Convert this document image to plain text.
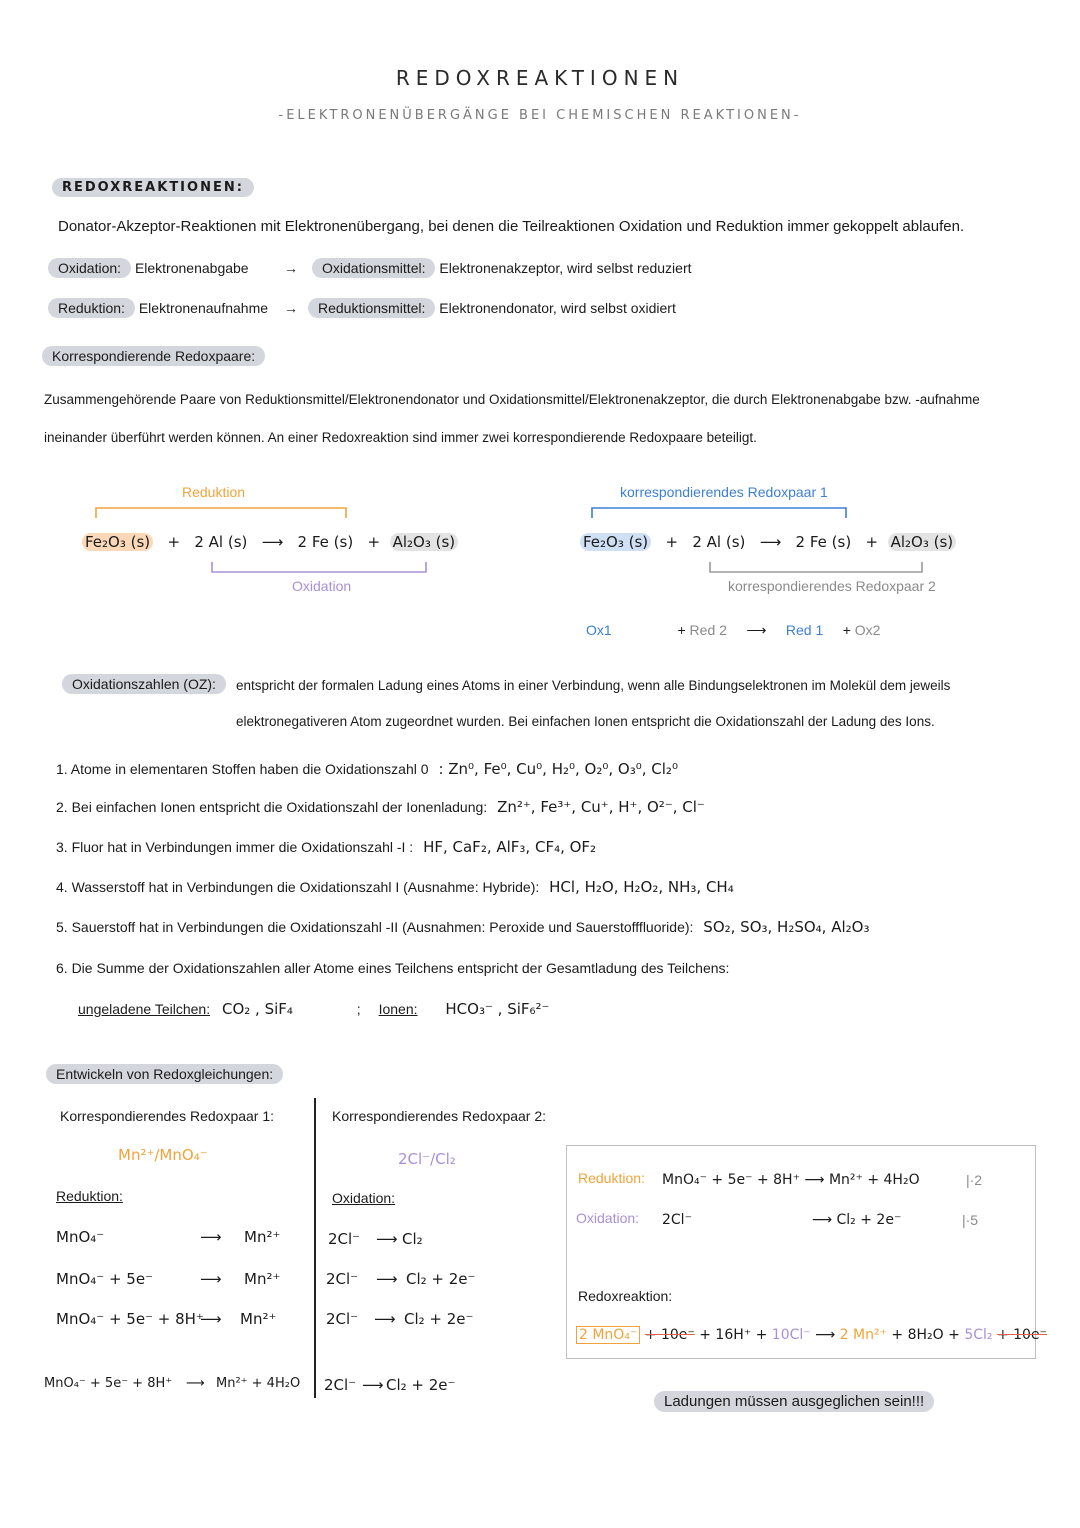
REDOXREAKTIONEN
-ELEKTRONENÜBERGÄNGE BEI CHEMISCHEN REAKTIONEN-
REDOXREAKTIONEN:
Donator-Akzeptor-Reaktionen mit Elektronenübergang, bei denen die Teilreaktionen Oxidation und Reduktion immer gekoppelt ablaufen.
Oxidation: Elektronenabgabe	→	Oxidationsmittel: Elektronenakzeptor, wird selbst reduziert
Reduktion: Elektronenaufnahme →	Reduktionsmittel: Elektronendonator, wird selbst oxidiert
Korrespondierende Redoxpaare:
Zusammengehörende Paare von Reduktionsmittel/Elektronendonator und Oxidationsmittel/Elektronenakzeptor, die durch Elektronenabgabe bzw. -aufnahme
ineinander überführt werden können. An einer Redoxreaktion sind immer zwei korrespondierende Redoxpaare beteiligt.
Reduktion
Fe₂O₃ (s) + 2 Al (s) ⟶ 2 Fe (s) + Al₂O₃ (s)
Oxidation
korrespondierendes Redoxpaar 1
Fe₂O₃ (s) + 2 Al (s) ⟶ 2 Fe (s) + Al₂O₃ (s)
korrespondierendes Redoxpaar 2
Ox1	+ Red 2 ⟶ Red 1 + Ox2
Oxidationszahlen (OZ):	entspricht der formalen Ladung eines Atoms in einer Verbindung, wenn alle Bindungselektronen im Molekül dem jeweils
elektronegativeren Atom zugeordnet wurden. Bei einfachen Ionen entspricht die Oxidationszahl der Ladung des Ions.
1. Atome in elementaren Stoffen haben die Oxidationszahl 0 : Zn⁰, Fe⁰, Cu⁰, H₂⁰, O₂⁰, O₃⁰, Cl₂⁰
2. Bei einfachen Ionen entspricht die Oxidationszahl der Ionenladung: Zn²⁺, Fe³⁺, Cu⁺, H⁺, O²⁻, Cl⁻
3. Fluor hat in Verbindungen immer die Oxidationszahl -I : HF, CaF₂, AlF₃, CF₄, OF₂
4. Wasserstoff hat in Verbindungen die Oxidationszahl I (Ausnahme: Hybride): HCl, H₂O, H₂O₂, NH₃, CH₄
5. Sauerstoff hat in Verbindungen die Oxidationszahl -II (Ausnahmen: Peroxide und Sauerstofffluoride): SO₂, SO₃, H₂SO₄, Al₂O₃
6. Die Summe der Oxidationszahlen aller Atome eines Teilchens entspricht der Gesamtladung des Teilchens:
ungeladene Teilchen: CO₂ , SiF₄	; Ionen: HCO₃⁻ , SiF₆²⁻
Entwickeln von Redoxgleichungen:
Korrespondierendes Redoxpaar 1:
Mn²⁺/MnO₄⁻
Reduktion:
MnO₄⁻	⟶ Mn²⁺
MnO₄⁻ + 5e⁻	⟶ Mn²⁺
MnO₄⁻ + 5e⁻ + 8H⁺
⟶ Mn²⁺
MnO₄⁻ + 5e⁻ + 8H⁺ ⟶ Mn²⁺ + 4H₂O
Korrespondierendes Redoxpaar 2:
2Cl⁻/Cl₂
Oxidation:
2Cl⁻ ⟶ Cl₂
2Cl⁻ ⟶ Cl₂ + 2e⁻
2Cl⁻ ⟶ Cl₂ + 2e⁻
2Cl⁻ ⟶ Cl₂ + 2e⁻
Reduktion: MnO₄⁻ + 5e⁻ + 8H⁺ ⟶ Mn²⁺ + 4H₂O	|·2
Oxidation: 2Cl⁻	⟶ Cl₂ + 2e⁻	|·5
Redoxreaktion:
2 MnO₄⁻ + 10e⁻ + 16H⁺ + 10Cl⁻ ⟶ 2 Mn²⁺ + 8H₂O + 5Cl₂ + 10e⁻
Ladungen müssen ausgeglichen sein!!!
